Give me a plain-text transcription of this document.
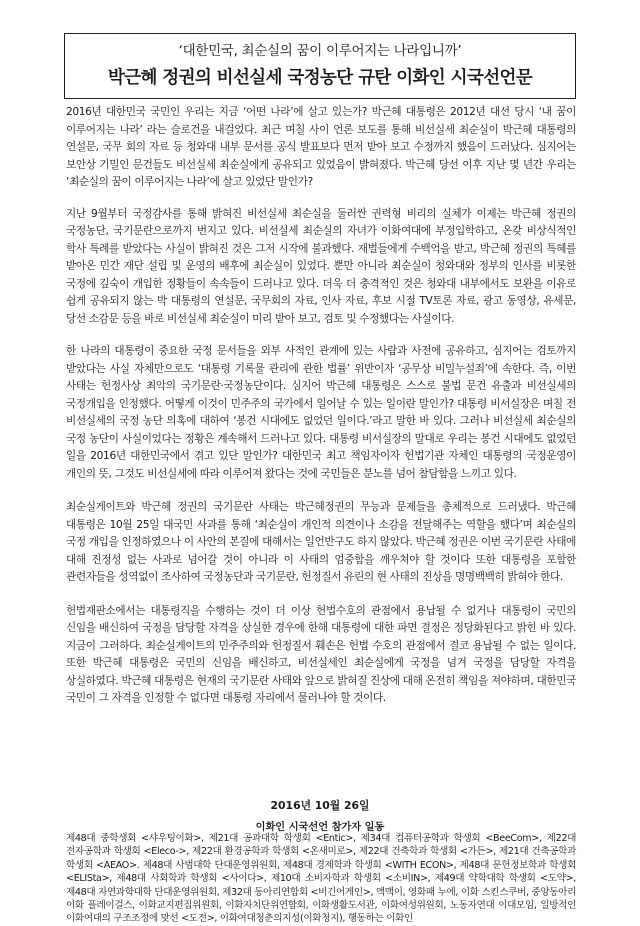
‘대한민국, 최순실의 꿈이 이루어지는 나라입니까’
박근혜 정권의 비선실세 국정농단 규탄 이화인 시국선언문

2016년 대한민국 국민인 우리는 지금 ‘어떤 나라’에 살고 있는가? 박근혜 대통령은 2012년 대선 당시 ‘내 꿈이 이루어지는 나라’ 라는 슬로건을 내걸었다. 최근 며칠 사이 언론 보도를 통해 비선실세 최순실이 박근혜 대통령의 연설문, 국무 회의 자료 등 청와대 내부 문서를 공식 발표보다 먼저 받아 보고 수정까지 했음이 드러났다. 심지어는 보안상 기밀인 문건들도 비선실세 최순실에게 공유되고 있었음이 밝혀졌다. 박근혜 당선 이후 지난 몇 년간 우리는 ‘최순실의 꿈이 이루어지는 나라’에 살고 있었단 말인가?

지난 9월부터 국정감사를 통해 밝혀진 비선실세 최순실을 둘러싼 권력형 비리의 실체가 이제는 박근혜 정권의 국정농단, 국기문란으로까지 번지고 있다. 비선실세 최순실의 자녀가 이화여대에 부정입학하고, 온갖 비상식적인 학사 특례를 받았다는 사실이 밝혀진 것은 그저 시작에 불과했다. 재벌들에게 수백억을 받고, 박근혜 정권의 특혜를 받아온 민간 재단 설립 및 운영의 배후에 최순실이 있었다. 뿐만 아니라 최순실이 청와대와 정부의 인사를 비롯한 국정에 깊숙이 개입한 정황들이 속속들이 드러나고 있다. 더욱 더 충격적인 것은 청와대 내부에서도 보완을 이유로 쉽게 공유되지 않는 박 대통령의 연설문, 국무회의 자료, 인사 자료, 후보 시절 TV토론 자료, 광고 동영상, 유세문, 당선 소감문 등을 바로 비선실세 최순실이 미리 받아 보고, 검토 및 수정했다는 사실이다.

한 나라의 대통령이 중요한 국정 문서들을 외부 사적인 관계에 있는 사람과 사전에 공유하고, 심지어는 검토까지 받았다는 사실 자체만으로도 ‘대통령 기록물 관리에 관한 법률’ 위반이자 ‘공무상 비밀누설죄’에 속한다. 즉, 이번 사태는 헌정사상 최악의 국기문란·국정농단이다. 심지어 박근혜 대통령은 스스로 불법 문건 유출과 비선실세의 국정개입을 인정했다. 어떻게 이것이 민주주의 국가에서 일어날 수 있는 일이란 말인가? 대통령 비서실장은 며칠 전 비선실세의 국정 농단 의혹에 대하여 ‘봉건 시대에도 없었던 일이다.’라고 말한 바 있다. 그러나 비선실세 최순실의 국정 농단이 사실이었다는 정황은 계속해서 드러나고 있다. 대통령 비서실장의 말대로 우리는 봉건 시대에도 없었던 일을 2016년 대한민국에서 겪고 있단 말인가? 대한민국 최고 책임자이자 헌법기관 자체인 대통령의 국정운영이 개인의 뜻, 그것도 비선실세에 따라 이루어져 왔다는 것에 국민들은 분노를 넘어 참담함을 느끼고 있다.

최순실게이트와 박근혜 정권의 국기문란 사태는 박근혜정권의 무능과 문제들을 총체적으로 드러냈다. 박근혜 대통령은 10월 25일 대국민 사과를 통해 ‘최순실이 개인적 의견이나 소감을 전달해주는 역할을 했다’며 최순실의 국정 개입을 인정하였으나 이 사안의 본질에 대해서는 일언반구도 하지 않았다. 박근혜 정권은 이번 국기문란 사태에 대해 진정성 없는 사과로 넘어갈 것이 아니라 이 사태의 엄중함을 깨우쳐야 할 것이다 또한 대통령을 포함한 관련자들을 성역없이 조사하여 국정농단과 국기문란, 헌정질서 유린의 현 사태의 진상을 명명백백히 밝혀야 한다.

헌법재판소에서는 대통령직을 수행하는 것이 더 이상 헌법수호의 관점에서 용납될 수 없거나 대통령이 국민의 신임을 배신하여 국정을 담당할 자격을 상실한 경우에 한해 대통령에 대한 파면 결정은 정당화된다고 밝힌 바 있다. 지금이 그러하다. 최순실게이트의 민주주의와 헌정질서 훼손은 헌법 수호의 관점에서 결코 용납될 수 없는 일이다. 또한 박근혜 대통령은 국민의 신임을 배신하고, 비선실세인 최순실에게 국정을 넘겨 국정을 담당할 자격을 상실하였다. 박근혜 대통령은 현재의 국기문란 사태와 앞으로 밝혀질 진상에 대해 온전히 책임을 져야하며, 대한민국 국민이 그 자격을 인정할 수 없다면 대통령 자리에서 물러나야 할 것이다.

2016년 10월 26일
이화인 시국선언 참가자 일동
제48대 중학생회 <샤우팅이화>, 제21대 공과대학 학생회 <Entic>, 제34대 컴퓨터공학과 학생회 <BeeCom>, 제22대 전자공학과 학생회 <Eleco->, 제22대 환경공학과 학생회 <온새미로>, 제22대 건축학과 학생회 <가든>, 제21대 건축공학과 학생회 <AEAO>. 제48대 사범대학 단대운영위원회, 제48대 경제학과 학생회 <WITH ECON>, 제48대 문헌정보학과 학생회 <ELISta>, 제48대 사회학과 학생회 <사이다>, 제10대 소비자학과 학생회 <소비IN>, 제49대 약학대학 학생회 <도약>, 제48대 자연과학대학 단대운영위원회, 제32대 동아리연합회 <비긴어게인>, 액맥이, 영화패 누에, 이화 스킨스쿠버, 중앙동아리 이화 플레이걸스, 이화교지편집위원회, 이화자치단위연합회, 이화생활도서관, 이화여성위원회, 노동자연대 이대모임, 일방적인 이화여대의 구조조정에 맞선 <도전>, 이화여대청춘의지성(이화청지), 행동하는 이화인
